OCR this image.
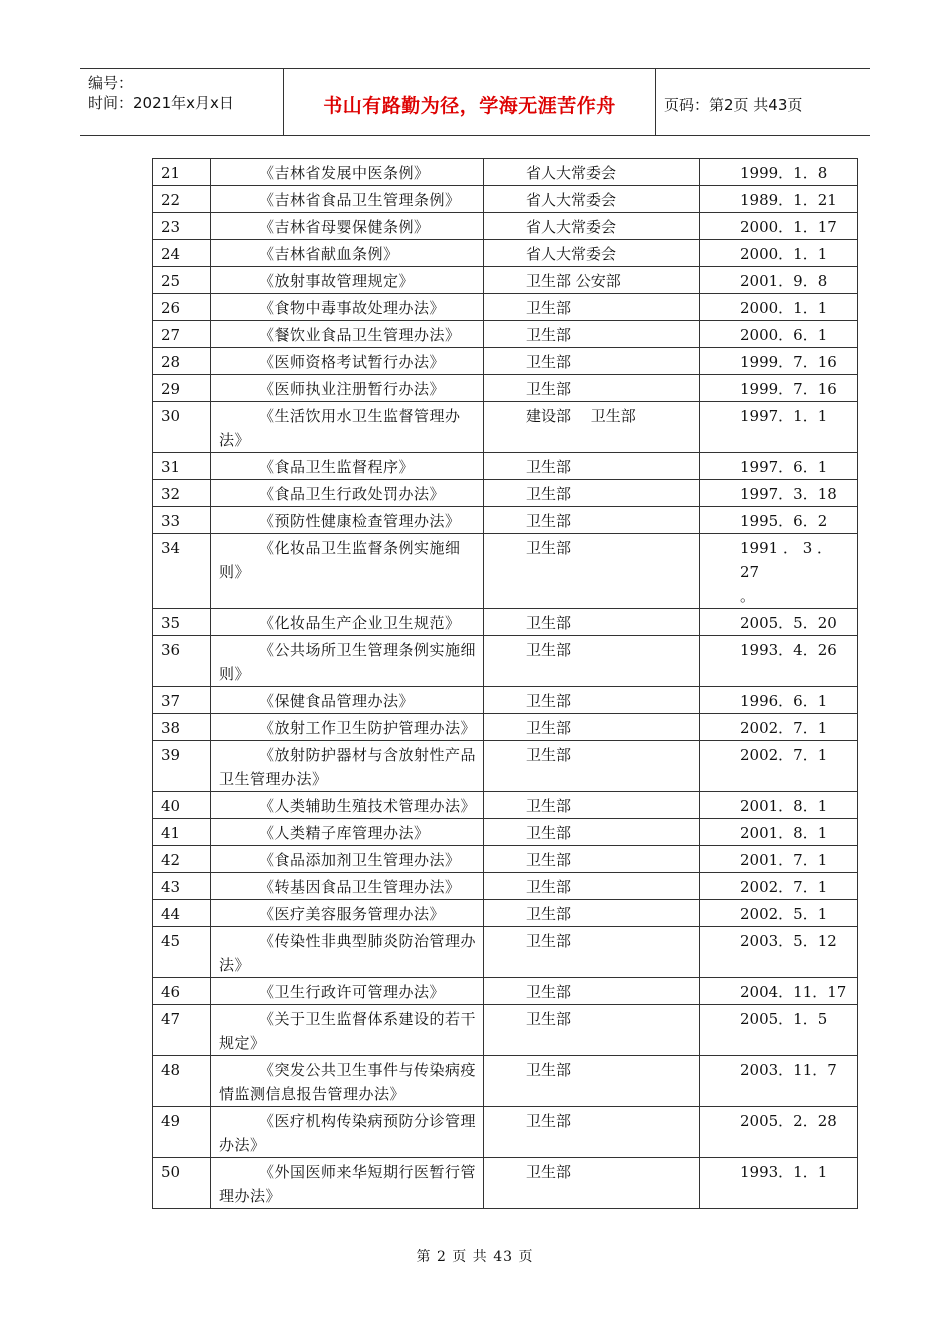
编号：
时间：2021年x月x日	书山有路勤为径，学海无涯苦作舟	页码：第2页 共43页
21	《吉林省发展中医条例》	省人大常委会	1999．1．8
22	《吉林省食品卫生管理条例》	省人大常委会	1989．1．21
23	《吉林省母婴保健条例》	省人大常委会	2000．1．17
24	《吉林省献血条例》	省人大常委会	2000．1．1
25	《放射事故管理规定》	卫生部 公安部	2001．9．8
26	《食物中毒事故处理办法》	卫生部	2000．1．1
27	《餐饮业食品卫生管理办法》	卫生部	2000．6．1
28	《医师资格考试暂行办法》	卫生部	1999．7．16
29	《医师执业注册暂行办法》	卫生部	1999．7．16
30	《生活饮用水卫生监督管理办法》	建设部　 卫生部	1997．1．1
31	《食品卫生监督程序》	卫生部	1997．6．1
32	《食品卫生行政处罚办法》	卫生部	1997．3．18
33	《预防性健康检查管理办法》	卫生部	1995．6．2
34	《化妆品卫生监督条例实施细则》	卫生部	1991 ． 3 ． 27
。
35	《化妆品生产企业卫生规范》	卫生部	2005．5．20
36	《公共场所卫生管理条例实施细则》	卫生部	1993．4．26
37	《保健食品管理办法》	卫生部	1996．6．1
38	《放射工作卫生防护管理办法》	卫生部	2002．7．1
39	《放射防护器材与含放射性产品卫生管理办法》	卫生部	2002．7．1
40	《人类辅助生殖技术管理办法》	卫生部	2001．8．1
41	《人类精子库管理办法》	卫生部	2001．8．1
42	《食品添加剂卫生管理办法》	卫生部	2001．7．1
43	《转基因食品卫生管理办法》	卫生部	2002．7．1
44	《医疗美容服务管理办法》	卫生部	2002．5．1
45	《传染性非典型肺炎防治管理办法》	卫生部	2003．5．12
46	《卫生行政许可管理办法》	卫生部	2004．11．17
47	《关于卫生监督体系建设的若干规定》	卫生部	2005．1．5
48	《突发公共卫生事件与传染病疫情监测信息报告管理办法》	卫生部	2003．11．7
49	《医疗机构传染病预防分诊管理办法》	卫生部	2005．2．28
50	《外国医师来华短期行医暂行管理办法》	卫生部	1993．1．1
第 2 页 共 43 页
